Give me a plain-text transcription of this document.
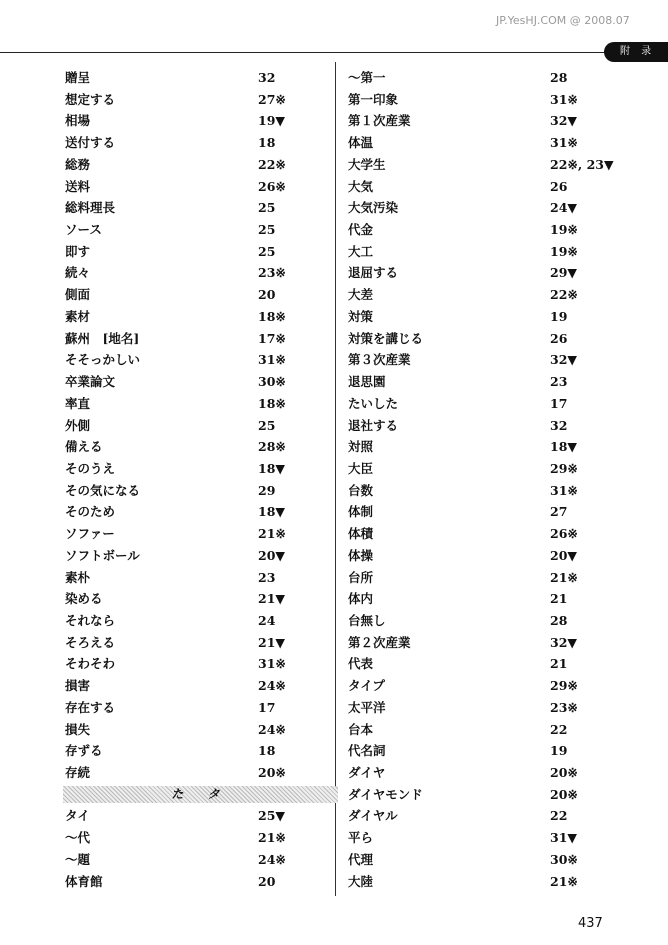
JP.YesHJ.COM @ 2008.07
附 录
贈呈	32
想定する	27※
相場	19▼
送付する	18
総務	22※
送料	26※
総料理長	25
ソース	25
即す	25
続々	23※
側面	20
素材	18※
蘇州　[地名]	17※
そそっかしい	31※
卒業論文	30※
率直	18※
外側	25
備える	28※
そのうえ	18▼
その気になる	29
そのため	18▼
ソファー	21※
ソフトボール	20▼
素朴	23
染める	21▼
それなら	24
そろえる	21▼
そわそわ	31※
損害	24※
存在する	17
損失	24※
存ずる	18
存続	20※
た タ
タイ	25▼
～代	21※
～題	24※
体育館	20
～第一	28
第一印象	31※
第１次産業	32▼
体温	31※
大学生	22※, 23▼
大気	26
大気汚染	24▼
代金	19※
大工	19※
退屈する	29▼
大差	22※
対策	19
対策を講じる	26
第３次産業	32▼
退思園	23
たいした	17
退社する	32
対照	18▼
大臣	29※
台数	31※
体制	27
体積	26※
体操	20▼
台所	21※
体内	21
台無し	28
第２次産業	32▼
代表	21
タイプ	29※
太平洋	23※
台本	22
代名詞	19
ダイヤ	20※
ダイヤモンド	20※
ダイヤル	22
平ら	31▼
代理	30※
大陸	21※
437
